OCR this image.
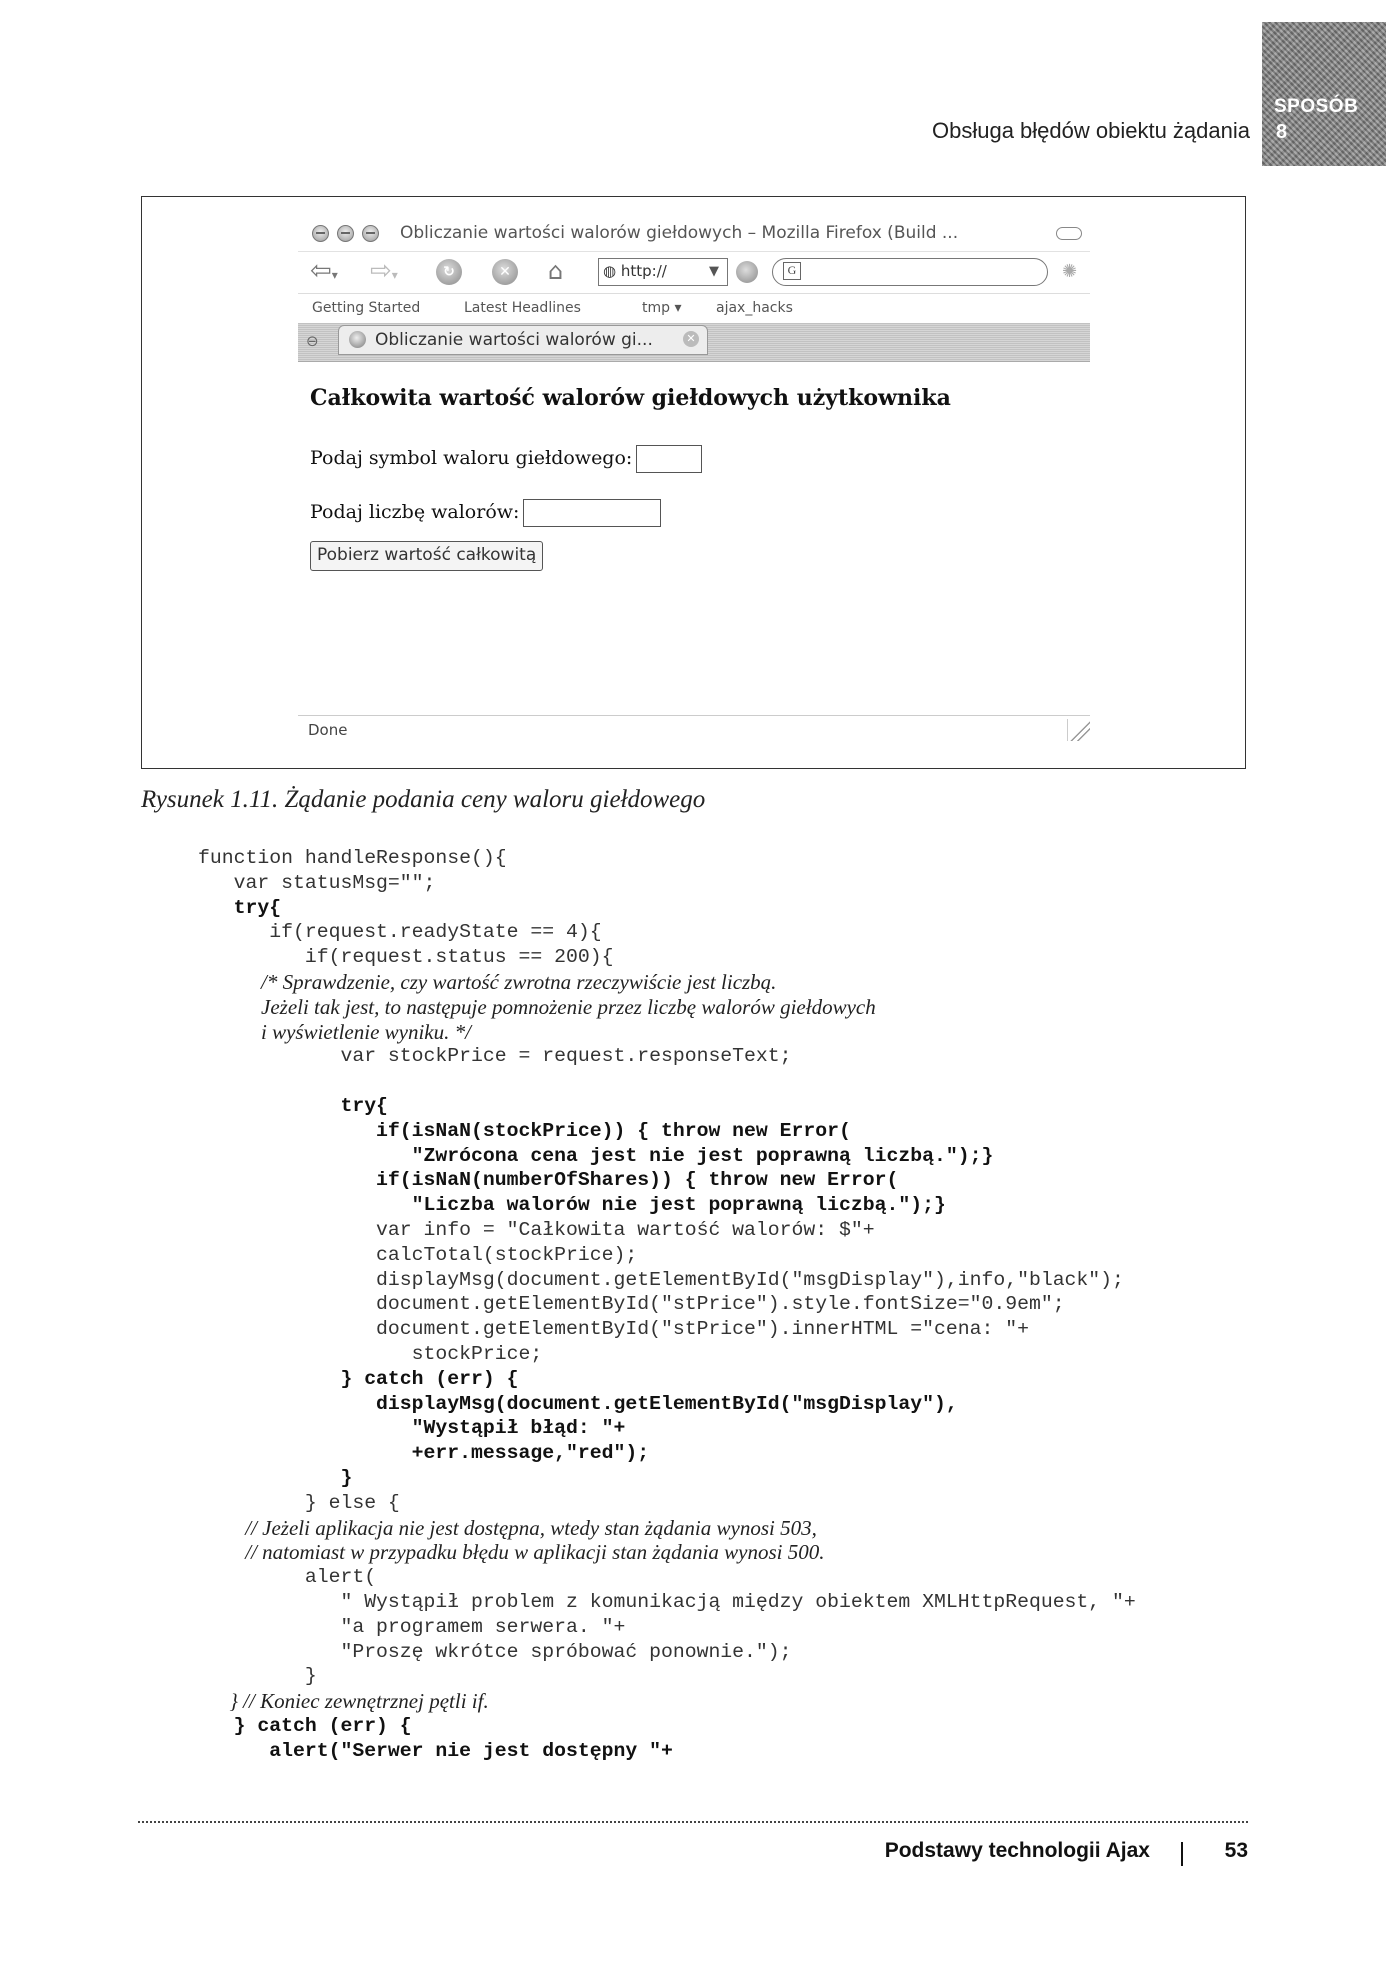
SPOSÓB
8
Obsługa błędów obiektu żądania
Obliczanie wartości walorów giełdowych – Mozilla Firefox (Build ...
⇦▾ ⇨▾	↻	✕ ⌂	◍ http://	▼	G	✺
Getting Started	Latest Headlines	tmp ▾ ajax_hacks
⊖	Obliczanie wartości walorów gi...	✕
Całkowita wartość walorów giełdowych użytkownika
Podaj symbol waloru giełdowego:
Podaj liczbę walorów:
Pobierz wartość całkowitą
Done
Rysunek 1.11. Żądanie podania ceny waloru giełdowego
function handleResponse(){
var statusMsg="";
try{
if(request.readyState == 4){
if(request.status == 200){
/* Sprawdzenie, czy wartość zwrotna rzeczywiście jest liczbą.
Jeżeli tak jest, to następuje pomnożenie przez liczbę walorów giełdowych
i wyświetlenie wyniku. */
var stockPrice = request.responseText;
try{
if(isNaN(stockPrice)) { throw new Error(
"Zwrócona cena jest nie jest poprawną liczbą.");}
if(isNaN(numberOfShares)) { throw new Error(
"Liczba walorów nie jest poprawną liczbą.");}
var info = "Całkowita wartość walorów: $"+
calcTotal(stockPrice);
displayMsg(document.getElementById("msgDisplay"),info,"black");
document.getElementById("stPrice").style.fontSize="0.9em";
document.getElementById("stPrice").innerHTML ="cena: "+
stockPrice;
} catch (err) {
displayMsg(document.getElementById("msgDisplay"),
"Wystąpił błąd: "+
+err.message,"red");
}
} else {
// Jeżeli aplikacja nie jest dostępna, wtedy stan żądania wynosi 503,
// natomiast w przypadku błędu w aplikacji stan żądania wynosi 500.
alert(
" Wystąpił problem z komunikacją między obiektem XMLHttpRequest, "+
"a programem serwera. "+
"Proszę wkrótce spróbować ponownie.");
}
} // Koniec zewnętrznej pętli if.
} catch (err) {
alert("Serwer nie jest dostępny "+
Podstawy technologii Ajax	53
